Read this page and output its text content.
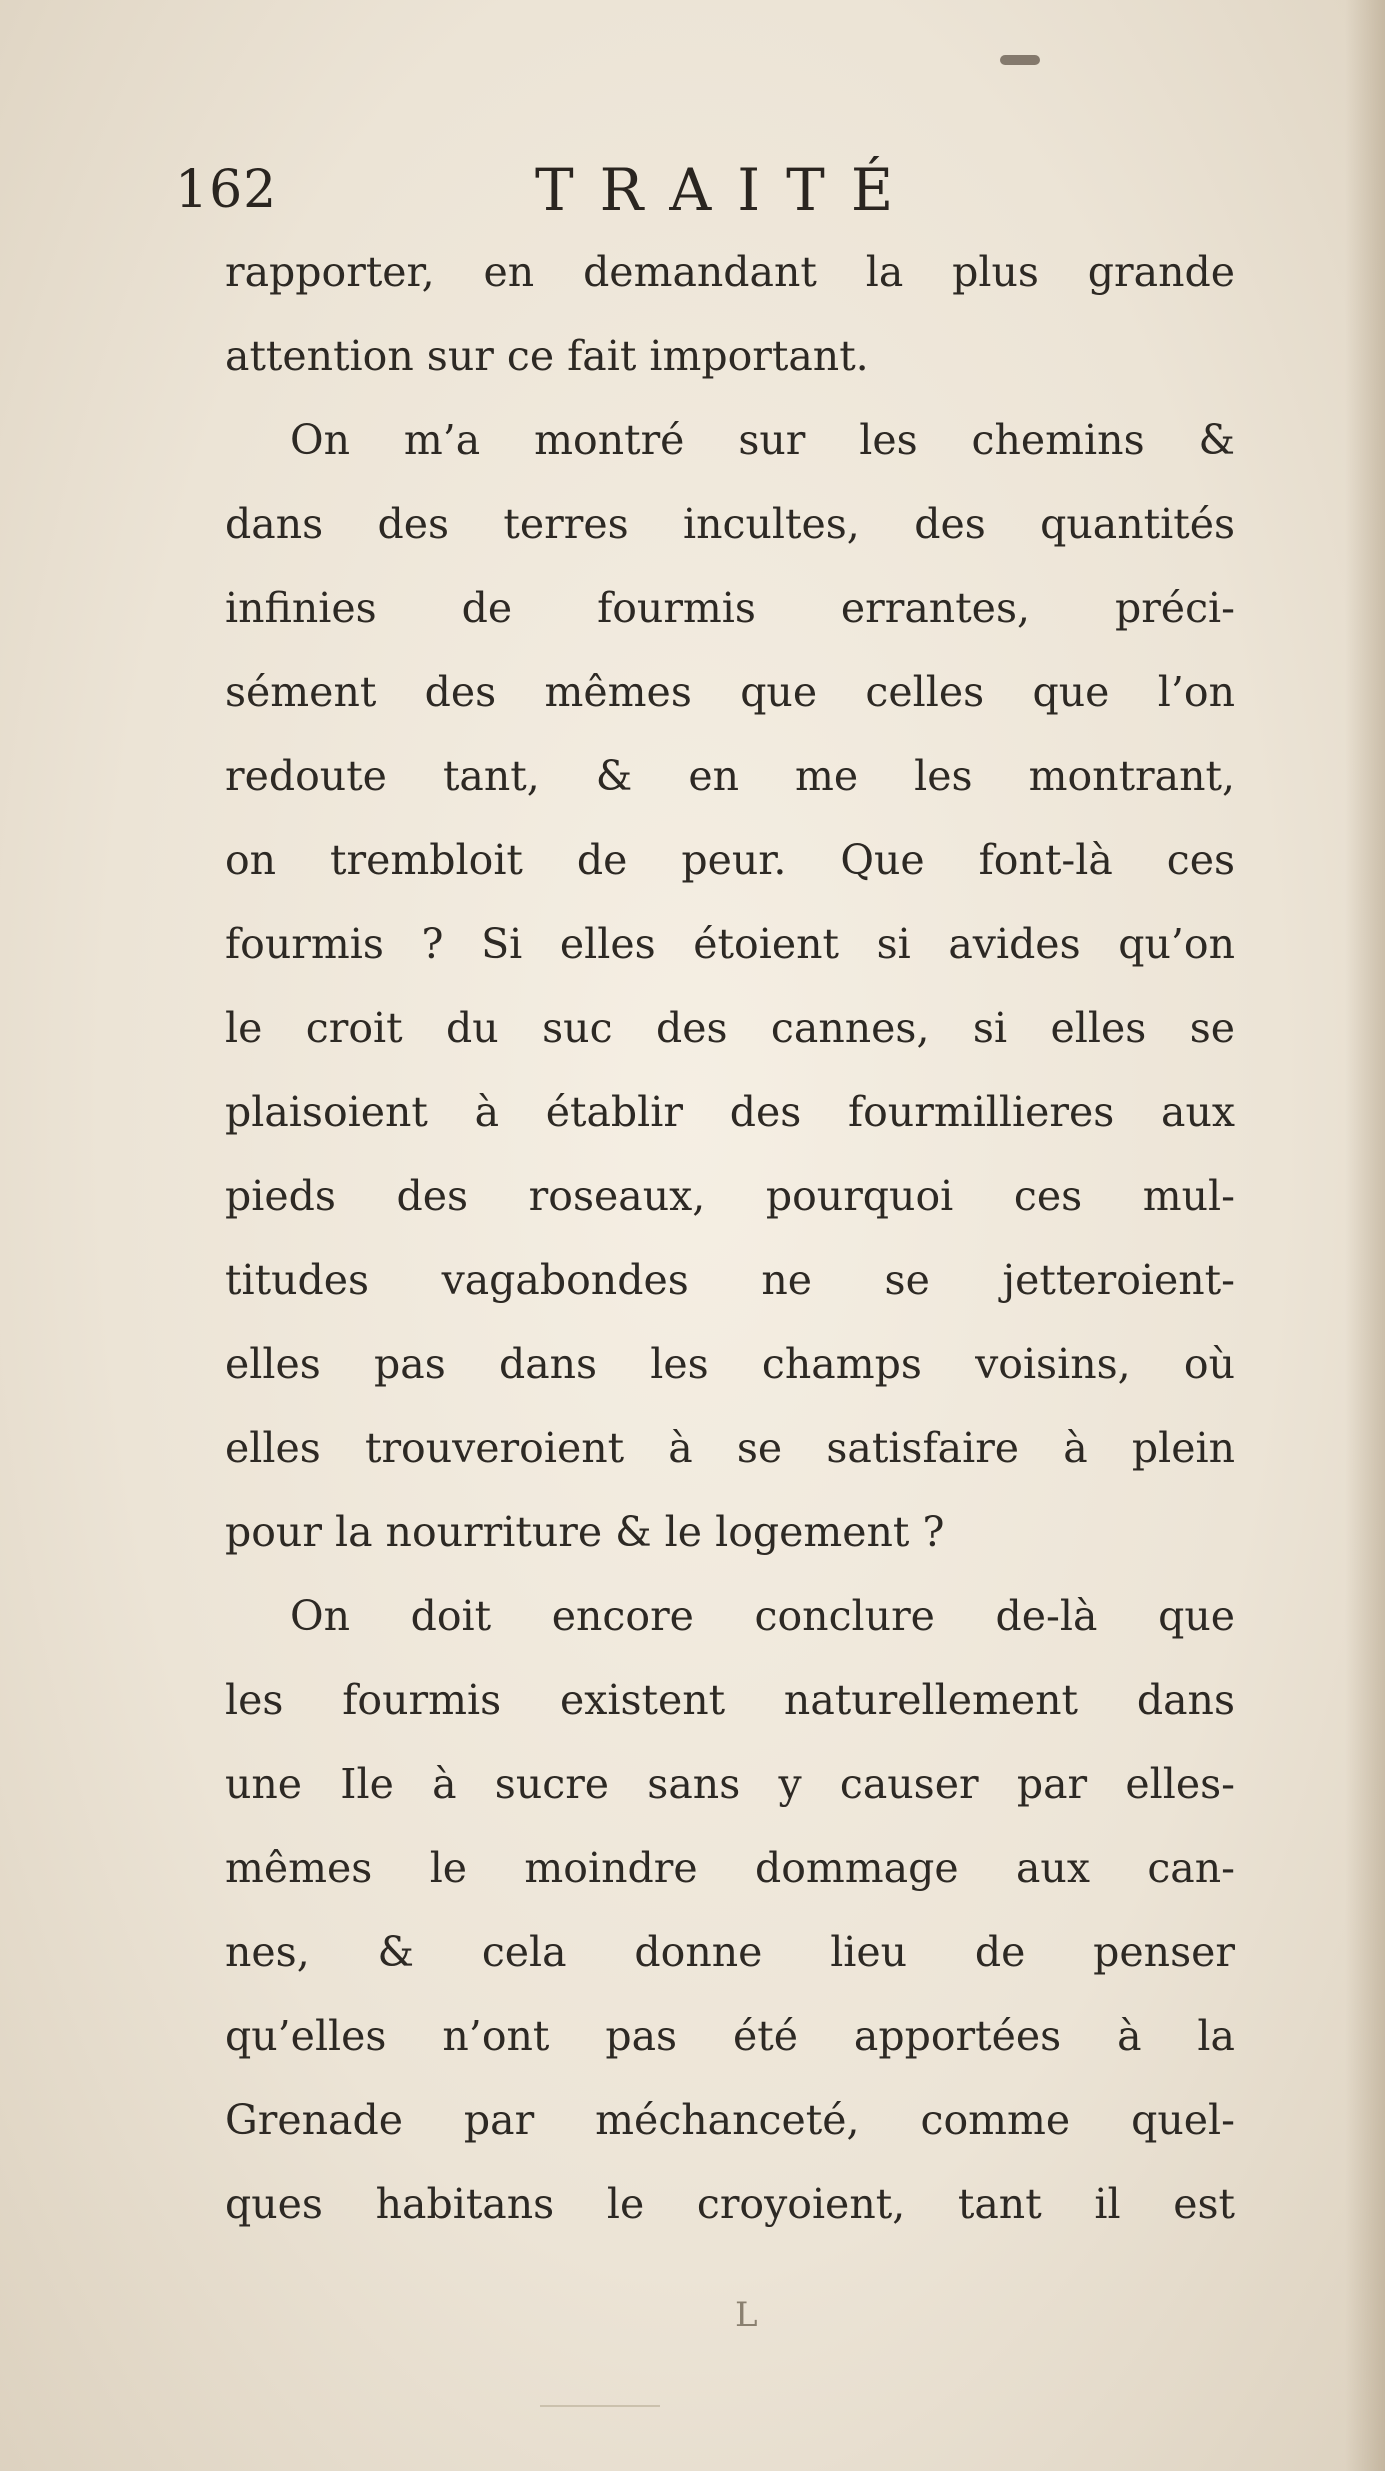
162	TRAITÉ

rapporter, en demandant la plus grande
attention sur ce fait important.

On m’a montré sur les chemins &
dans des terres incultes, des quantités
infinies de fourmis errantes, préci-
sément des mêmes que celles que l’on
redoute tant, & en me les montrant,
on trembloit de peur. Que font-là ces
fourmis ? Si elles étoient si avides qu’on
le croit du suc des cannes, si elles se
plaisoient à établir des fourmillieres aux
pieds des roseaux, pourquoi ces mul-
titudes vagabondes ne se jetteroient-
elles pas dans les champs voisins, où
elles trouveroient à se satisfaire à plein
pour la nourriture & le logement ?

On doit encore conclure de-là que
les fourmis existent naturellement dans
une Ile à sucre sans y causer par elles-
mêmes le moindre dommage aux can-
nes, & cela donne lieu de penser
qu’elles n’ont pas été apportées à la
Grenade par méchanceté, comme quel-
ques habitans le croyoient, tant il est

L
